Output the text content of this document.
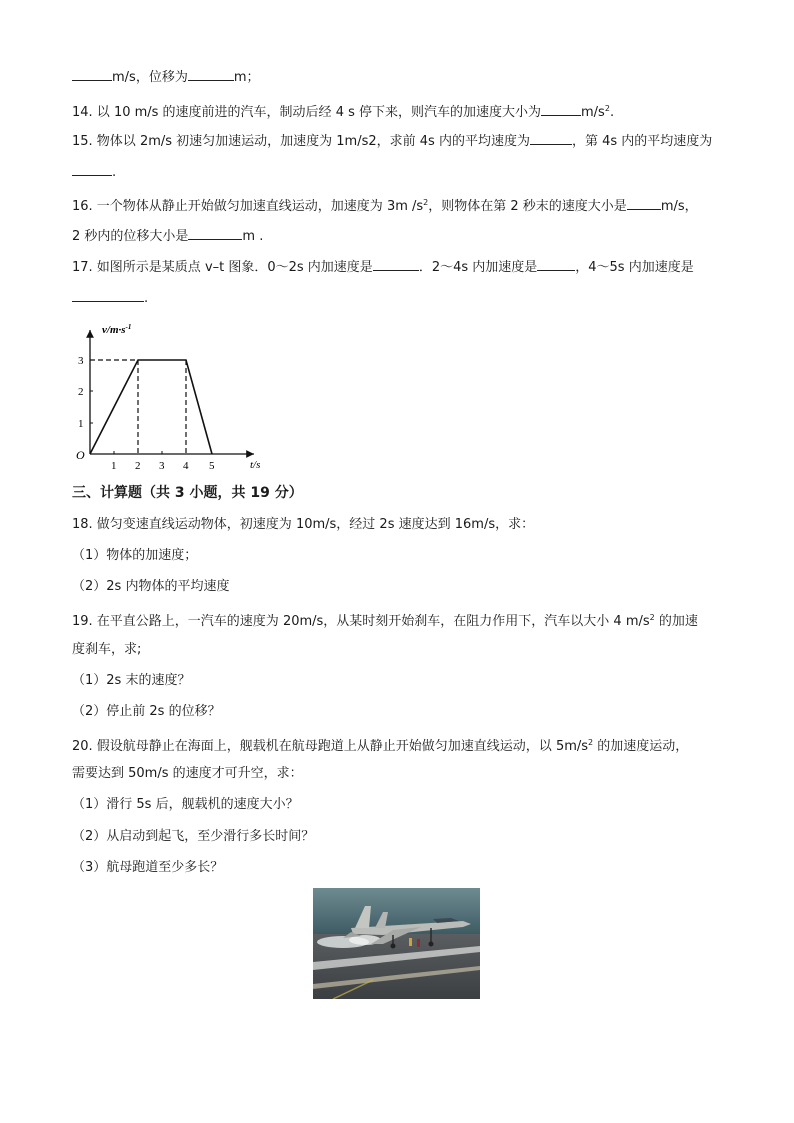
m/s，位移为	m；
14. 以 10 m/s 的速度前进的汽车，制动后经 4 s 停下来，则汽车的加速度大小为	$m/s^2$.
15. 物体以 2m/s 初速匀加速运动，加速度为 1m/s2，求前 4s 内的平均速度为	，第 4s 内的平均速度为
.
16. 一个物体从静止开始做匀加速直线运动，加速度为 3m $/s^2$，则物体在第 2 秒末的速度大小是	m/s，
2 秒内的位移大小是	m .
17. 如图所示是某质点 v–t 图象．0～2s 内加速度是	．2～4s 内加速度是	，4～5s 内加速度是
.
$v/m\cdot s^{-1}$
t/s
O
3
2
1
1 2 3 4 5
三、计算题（共 3 小题，共 19 分）
18. 做匀变速直线运动物体，初速度为 10m/s，经过 2s 速度达到 16m/s，求：
（1）物体的加速度；
（2）2s 内物体的平均速度
19. 在平直公路上，一汽车的速度为 20m/s，从某时刻开始刹车，在阻力作用下，汽车以大小 4 $m/s^2$ 的加速
度刹车，求;
（1）2s 末的速度？
（2）停止前 2s 的位移？
20. 假设航母静止在海面上，舰载机在航母跑道上从静止开始做匀加速直线运动，以 $5m/s^2$ 的加速度运动，
需要达到 50m/s 的速度才可升空，求：
（1）滑行 5s 后，舰载机的速度大小？
（2）从启动到起飞，至少滑行多长时间？
（3）航母跑道至少多长？
